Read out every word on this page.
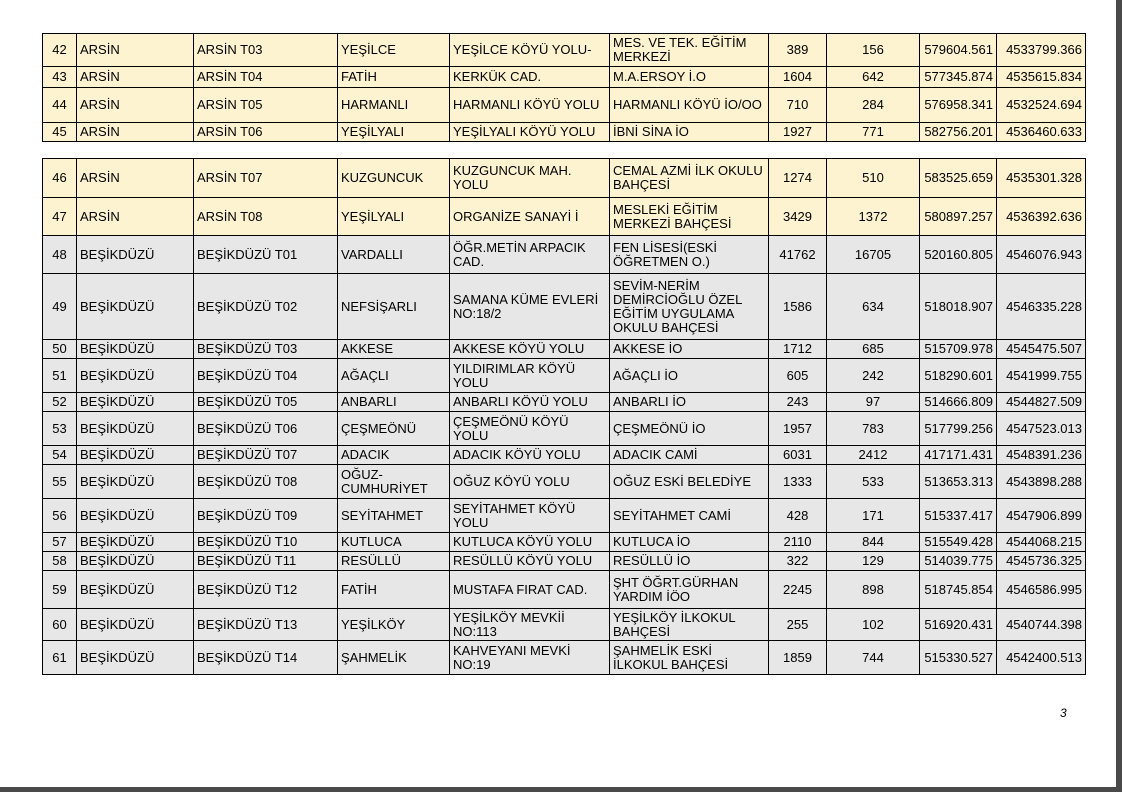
42	ARSİN	ARSİN T03	YEŞİLCE	YEŞİLCE KÖYÜ YOLU-	MES. VE TEK. EĞİTİM MERKEZİ	389	156	579604.561	4533799.366
43	ARSİN	ARSİN T04	FATİH	KERKÜK CAD.	M.A.ERSOY İ.O	1604	642	577345.874	4535615.834
44	ARSİN	ARSİN T05	HARMANLI	HARMANLI KÖYÜ YOLU	HARMANLI KÖYÜ İO/OO	710	284	576958.341	4532524.694
45	ARSİN	ARSİN T06	YEŞİLYALI	YEŞİLYALI KÖYÜ YOLU	İBNİ SİNA İO	1927	771	582756.201	4536460.633
46	ARSİN	ARSİN T07	KUZGUNCUK	KUZGUNCUK MAH. YOLU	CEMAL AZMİ İLK OKULU BAHÇESİ	1274	510	583525.659	4535301.328
47	ARSİN	ARSİN T08	YEŞİLYALI	ORGANİZE SANAYİ İ	MESLEKİ EĞİTİM MERKEZİ BAHÇESİ	3429	1372	580897.257	4536392.636
48	BEŞİKDÜZÜ	BEŞİKDÜZÜ T01	VARDALLI	ÖĞR.METİN ARPACIK CAD.	FEN LİSESİ(ESKİ ÖĞRETMEN O.)	41762	16705	520160.805	4546076.943
49	BEŞİKDÜZÜ	BEŞİKDÜZÜ T02	NEFSİŞARLI	SAMANA KÜME EVLERİ NO:18/2	SEVİM-NERİM DEMİRCİOĞLU ÖZEL EĞİTİM UYGULAMA OKULU BAHÇESİ	1586	634	518018.907	4546335.228
50	BEŞİKDÜZÜ	BEŞİKDÜZÜ T03	AKKESE	AKKESE KÖYÜ YOLU	AKKESE İO	1712	685	515709.978	4545475.507
51	BEŞİKDÜZÜ	BEŞİKDÜZÜ T04	AĞAÇLI	YILDIRIMLAR KÖYÜ YOLU	AĞAÇLI İO	605	242	518290.601	4541999.755
52	BEŞİKDÜZÜ	BEŞİKDÜZÜ T05	ANBARLI	ANBARLI KÖYÜ YOLU	ANBARLI İO	243	97	514666.809	4544827.509
53	BEŞİKDÜZÜ	BEŞİKDÜZÜ T06	ÇEŞMEÖNÜ	ÇEŞMEÖNÜ KÖYÜ YOLU	ÇEŞMEÖNÜ İO	1957	783	517799.256	4547523.013
54	BEŞİKDÜZÜ	BEŞİKDÜZÜ T07	ADACIK	ADACIK KÖYÜ YOLU	ADACIK CAMİ	6031	2412	417171.431	4548391.236
55	BEŞİKDÜZÜ	BEŞİKDÜZÜ T08	OĞUZ-CUMHURİYET	OĞUZ KÖYÜ YOLU	OĞUZ ESKİ BELEDİYE	1333	533	513653.313	4543898.288
56	BEŞİKDÜZÜ	BEŞİKDÜZÜ T09	SEYİTAHMET	SEYİTAHMET KÖYÜ YOLU	SEYİTAHMET CAMİ	428	171	515337.417	4547906.899
57	BEŞİKDÜZÜ	BEŞİKDÜZÜ T10	KUTLUCA	KUTLUCA KÖYÜ YOLU	KUTLUCA İO	2110	844	515549.428	4544068.215
58	BEŞİKDÜZÜ	BEŞİKDÜZÜ T11	RESÜLLÜ	RESÜLLÜ KÖYÜ YOLU	RESÜLLÜ İO	322	129	514039.775	4545736.325
59	BEŞİKDÜZÜ	BEŞİKDÜZÜ T12	FATİH	MUSTAFA FIRAT CAD.	ŞHT ÖĞRT.GÜRHAN YARDIM İÖO	2245	898	518745.854	4546586.995
60	BEŞİKDÜZÜ	BEŞİKDÜZÜ T13	YEŞİLKÖY	YEŞİLKÖY MEVKİİ NO:113	YEŞİLKÖY İLKOKUL BAHÇESİ	255	102	516920.431	4540744.398
61	BEŞİKDÜZÜ	BEŞİKDÜZÜ T14	ŞAHMELİK	KAHVEYANI MEVKİ NO:19	ŞAHMELİK ESKİ İLKOKUL BAHÇESİ	1859	744	515330.527	4542400.513
3
